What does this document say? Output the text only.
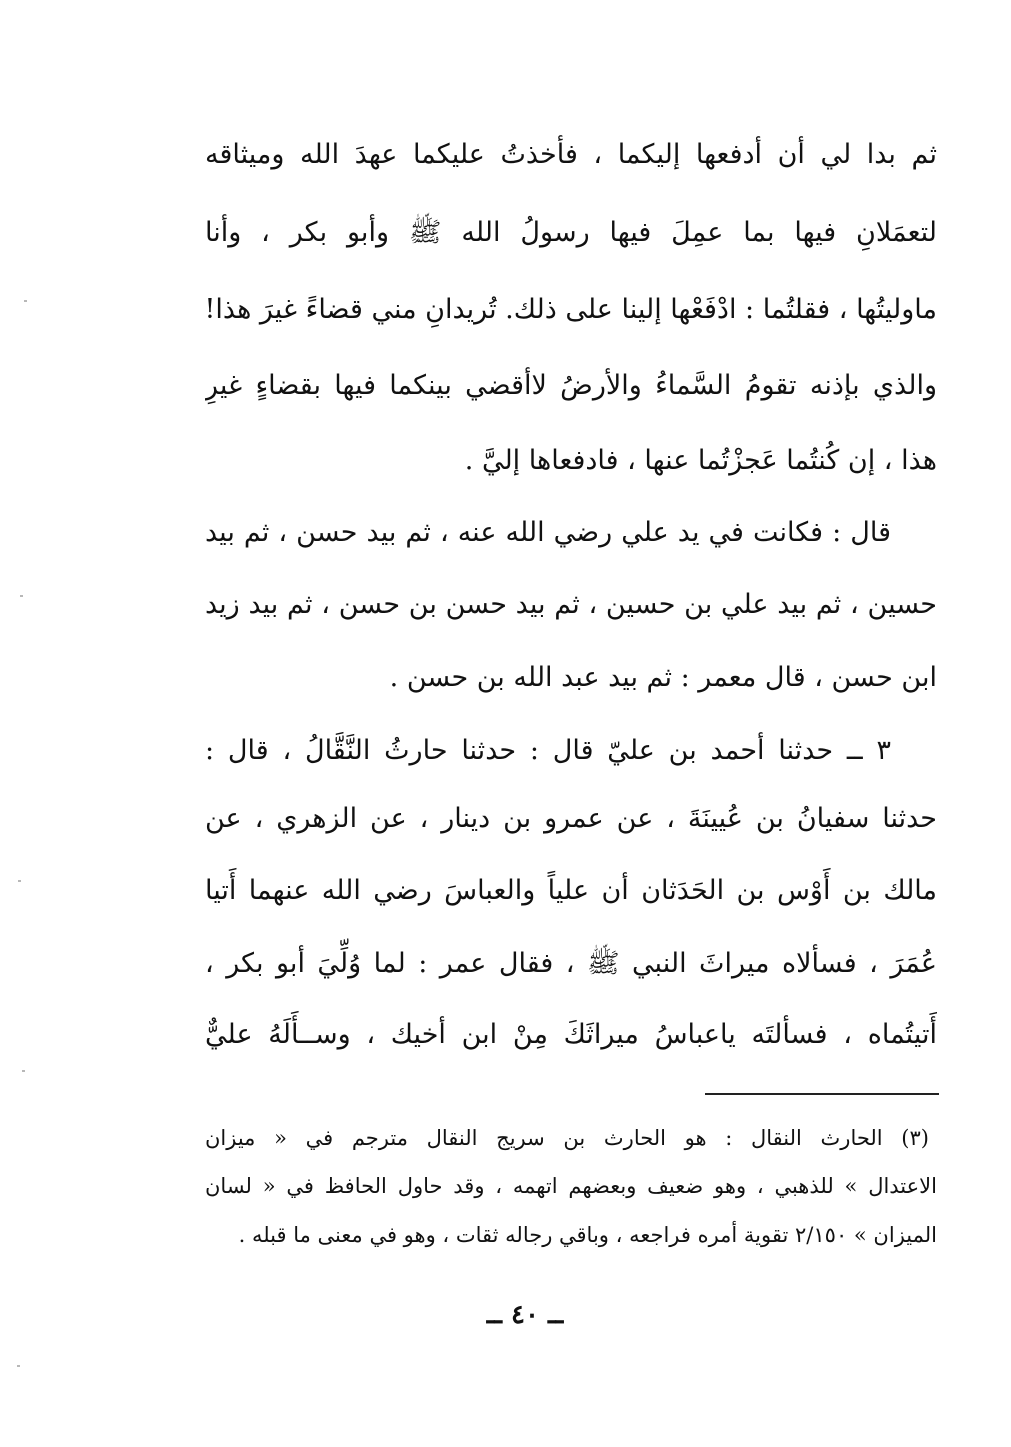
ثم بدا لي أن أدفعها إليكما ، فأخذتُ عليكما عهدَ الله وميثاقه
لتعمَلانِ فيها بما عمِلَ فيها رسولُ الله ﷺ وأبو بكر ، وأنا
ماوليتُها ، فقلتُما : ادْفَعْها إلينا على ذلك. تُريدانِ مني قضاءً غيرَ هذا!
والذي بإذنه تقومُ السَّماءُ والأرضُ لاأقضي بينكما فيها بقضاءٍ غيرِ
هذا ، إن كُنتُما عَجزْتُما عنها ، فادفعاها إليَّ .
قال : فكانت في يد علي رضي الله عنه ، ثم بيد حسن ، ثم بيد
حسين ، ثم بيد علي بن حسين ، ثم بيد حسن بن حسن ، ثم بيد زيد
ابن حسن ، قال معمر : ثم بيد عبد الله بن حسن .
٣ ــ حدثنا أحمد بن عليّ قال : حدثنا حارثُ النَّقَّالُ ، قال :
حدثنا سفيانُ بن عُيينَةَ ، عن عمرو بن دينار ، عن الزهري ، عن
مالك بن أَوْس بن الحَدَثان أن علياً والعباسَ رضي الله عنهما أَتيا
عُمَرَ ، فسألاه ميراثَ النبي ﷺ ، فقال عمر : لما وُلِّيَ أبو بكر ،
أَتيتُماه ، فسألتَه ياعباسُ ميراثَكَ مِنْ ابن أخيك ، وســأَلَهُ عليٌّ
(٣) الحارث النقال : هو الحارث بن سريج النقال مترجم في « ميزان
الاعتدال » للذهبي ، وهو ضعيف وبعضهم اتهمه ، وقد حاول الحافظ في « لسان
الميزان » ٢/١٥٠ تقوية أمره فراجعه ، وباقي رجاله ثقات ، وهو في معنى ما قبله .
ــ ٤٠ ــ
